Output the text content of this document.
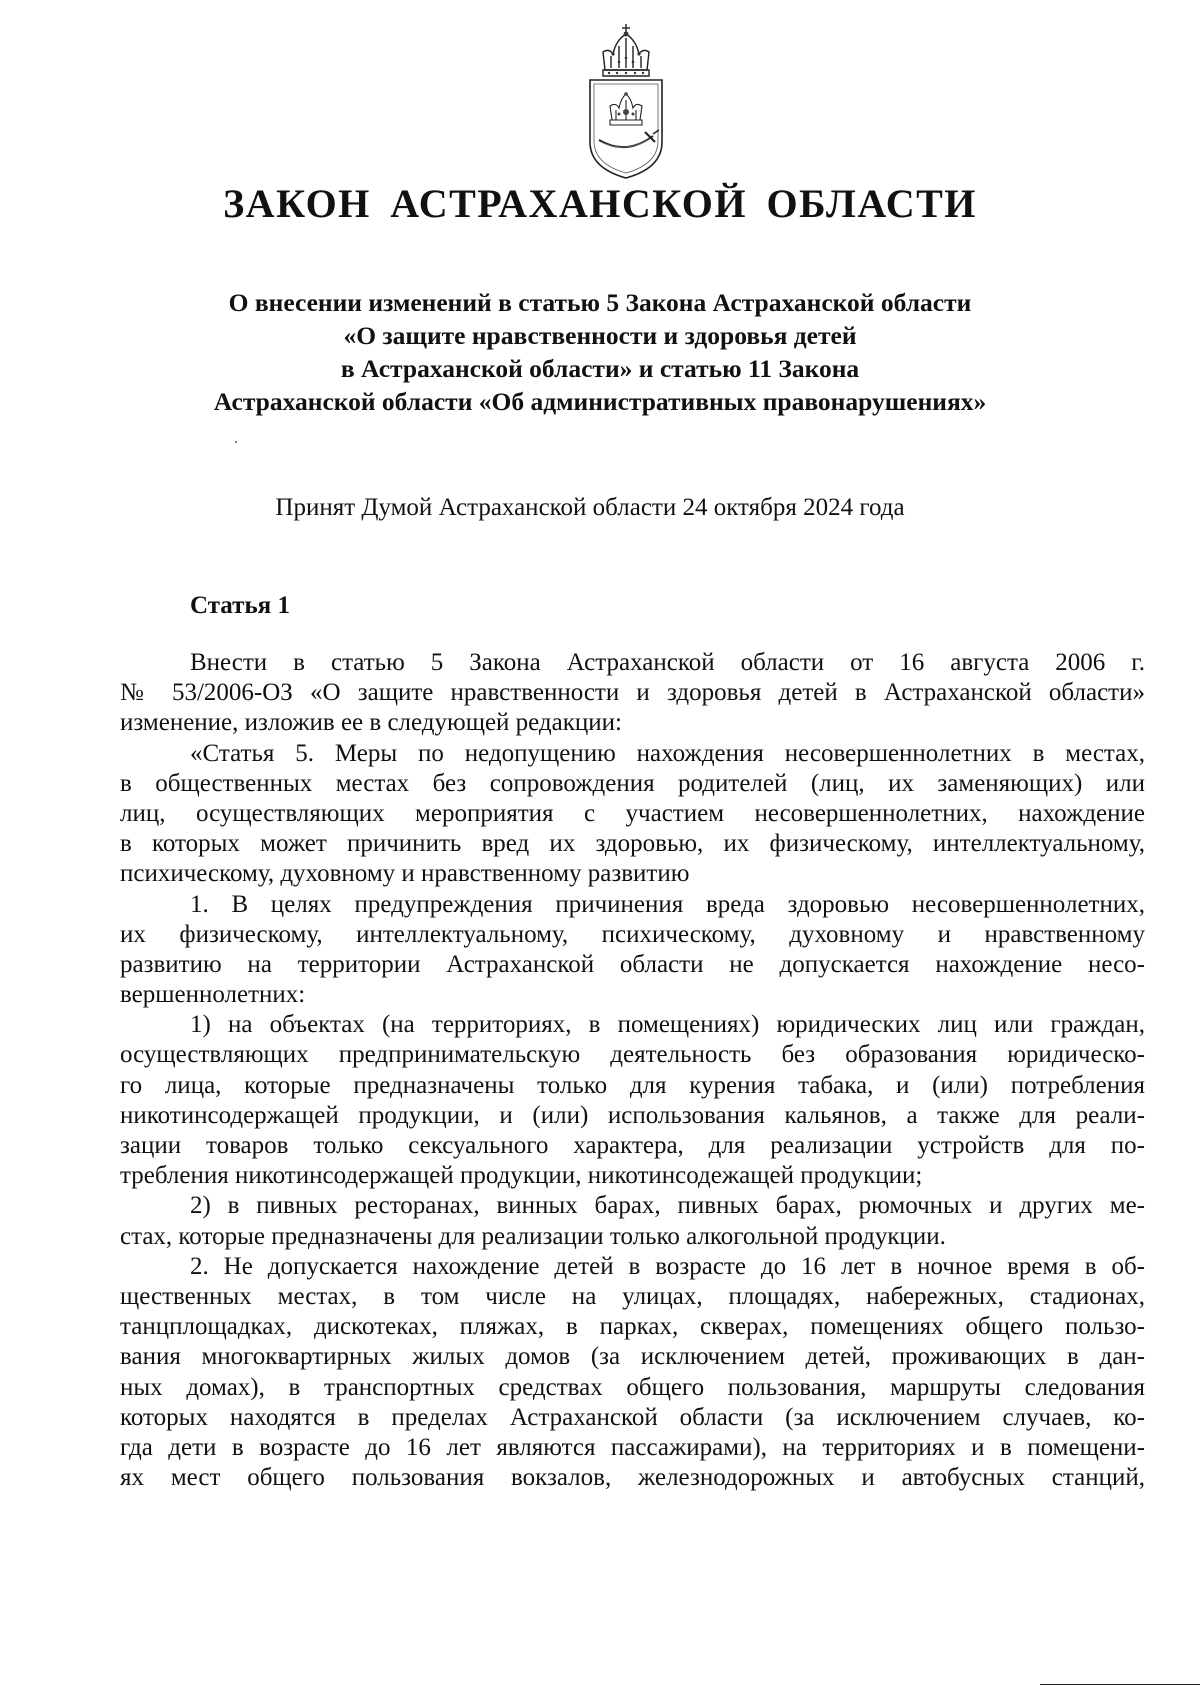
ЗАКОН АСТРАХАНСКОЙ ОБЛАСТИ
О внесении изменений в статью 5 Закона Астраханской области
«О защите нравственности и здоровья детей
в Астраханской области» и статью 11 Закона
Астраханской области «Об административных правонарушениях»
Принят Думой Астраханской области 24 октября 2024 года
Статья 1
Внести в статью 5 Закона Астраханской области от 16 августа 2006 г.
№ 53/2006-ОЗ «О защите нравственности и здоровья детей в Астраханской области»
изменение, изложив ее в следующей редакции:
«Статья 5. Меры по недопущению нахождения несовершеннолетних в местах,
в общественных местах без сопровождения родителей (лиц, их заменяющих) или
лиц, осуществляющих мероприятия с участием несовершеннолетних, нахождение
в которых может причинить вред их здоровью, их физическому, интеллектуальному,
психическому, духовному и нравственному развитию
1. В целях предупреждения причинения вреда здоровью несовершеннолетних,
их физическому, интеллектуальному, психическому, духовному и нравственному
развитию на территории Астраханской области не допускается нахождение несо-
вершеннолетних:
1) на объектах (на территориях, в помещениях) юридических лиц или граждан,
осуществляющих предпринимательскую деятельность без образования юридическо-
го лица, которые предназначены только для курения табака, и (или) потребления
никотинсодержащей продукции, и (или) использования кальянов, а также для реали-
зации товаров только сексуального характера, для реализации устройств для по-
требления никотинсодержащей продукции, никотинсодежащей продукции;
2) в пивных ресторанах, винных барах, пивных барах, рюмочных и других ме-
стах, которые предназначены для реализации только алкогольной продукции.
2. Не допускается нахождение детей в возрасте до 16 лет в ночное время в об-
щественных местах, в том числе на улицах, площадях, набережных, стадионах,
танцплощадках, дискотеках, пляжах, в парках, скверах, помещениях общего пользо-
вания многоквартирных жилых домов (за исключением детей, проживающих в дан-
ных домах), в транспортных средствах общего пользования, маршруты следования
которых находятся в пределах Астраханской области (за исключением случаев, ко-
гда дети в возрасте до 16 лет являются пассажирами), на территориях и в помещени-
ях мест общего пользования вокзалов, железнодорожных и автобусных станций,
